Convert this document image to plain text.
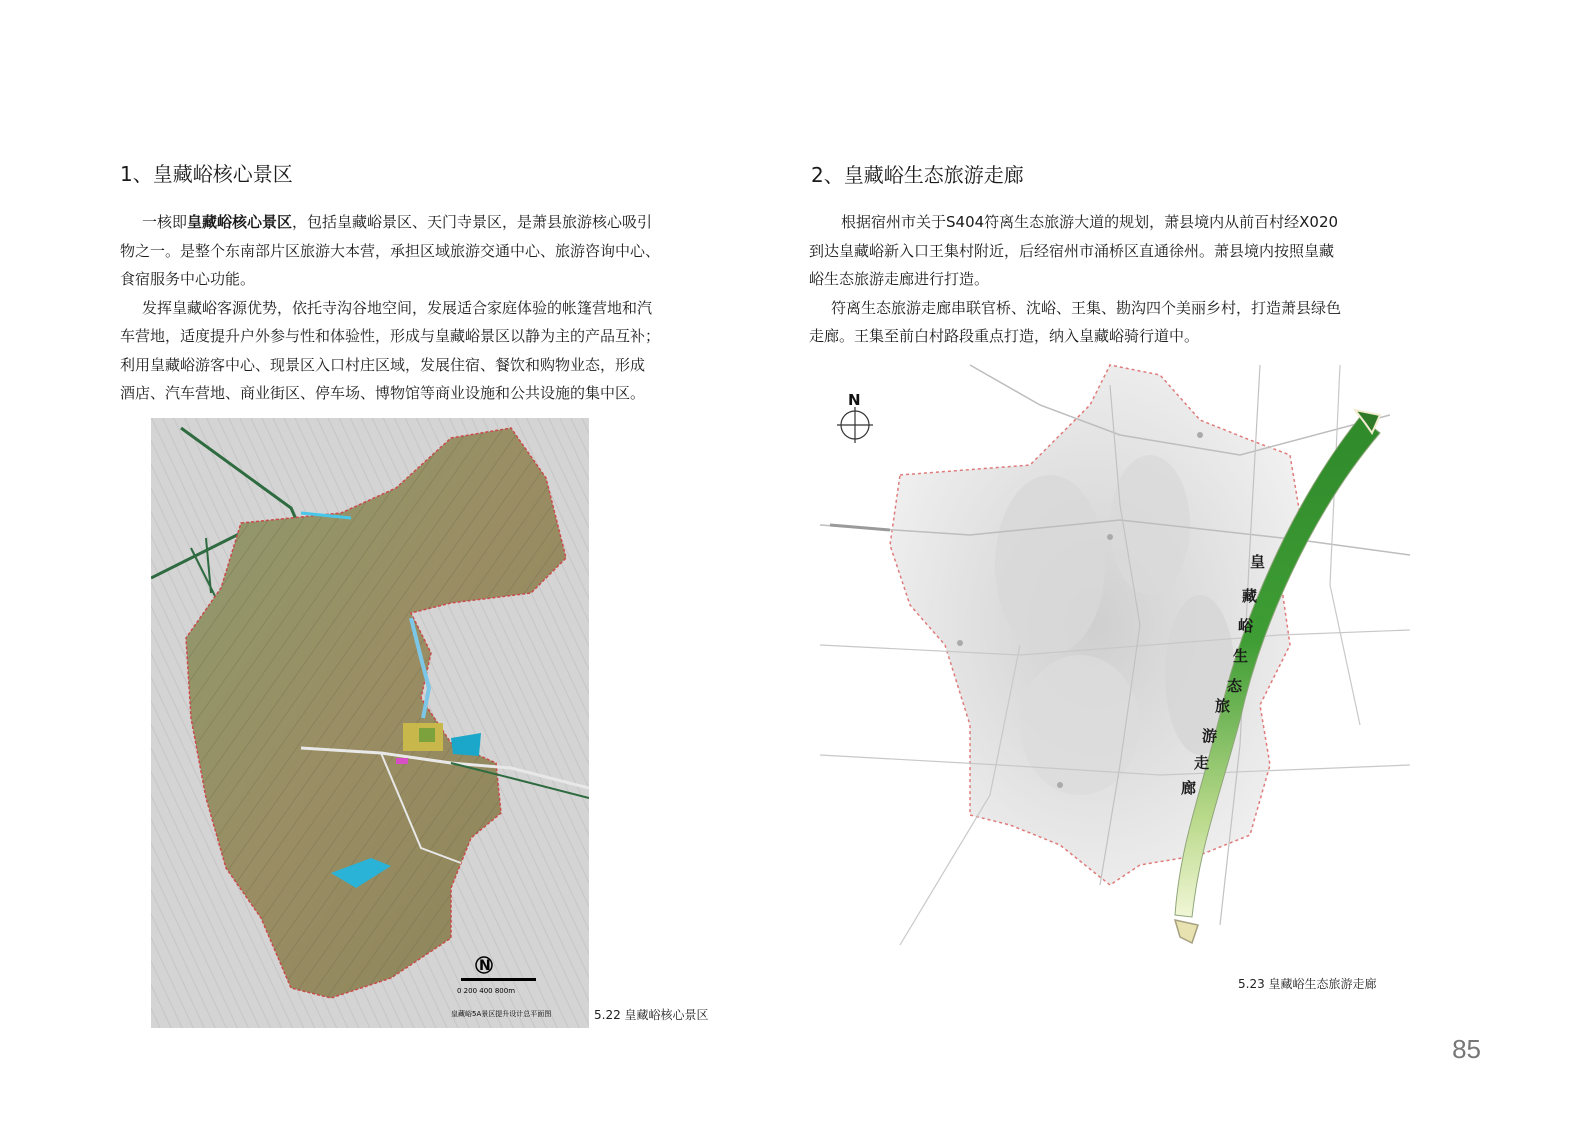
1、皇藏峪核心景区

一核即皇藏峪核心景区，包括皇藏峪景区、天门寺景区，是萧县旅游核心吸引

物之一。是整个东南部片区旅游大本营，承担区域旅游交通中心、旅游咨询中心、

食宿服务中心功能。

发挥皇藏峪客源优势，依托寺沟谷地空间，发展适合家庭体验的帐篷营地和汽

车营地，适度提升户外参与性和体验性，形成与皇藏峪景区以静为主的产品互补；

利用皇藏峪游客中心、现景区入口村庄区域，发展住宿、餐饮和购物业态，形成

酒店、汽车营地、商业街区、停车场、博物馆等商业设施和公共设施的集中区。

N
0 200 400 800m
皇藏峪5A景区提升设计总平面图	5.22 皇藏峪核心景区
2、皇藏峪生态旅游走廊

根据宿州市关于S404符离生态旅游大道的规划，萧县境内从前百村经X020

到达皇藏峪新入口王集村附近，后经宿州市涌桥区直通徐州。萧县境内按照皇藏

峪生态旅游走廊进行打造。

符离生态旅游走廊串联官桥、沈峪、王集、勘沟四个美丽乡村，打造萧县绿色

走廊。王集至前白村路段重点打造，纳入皇藏峪骑行道中。

N
皇
藏
峪
生
态
旅
游
走
廊
5.23 皇藏峪生态旅游走廊
85
